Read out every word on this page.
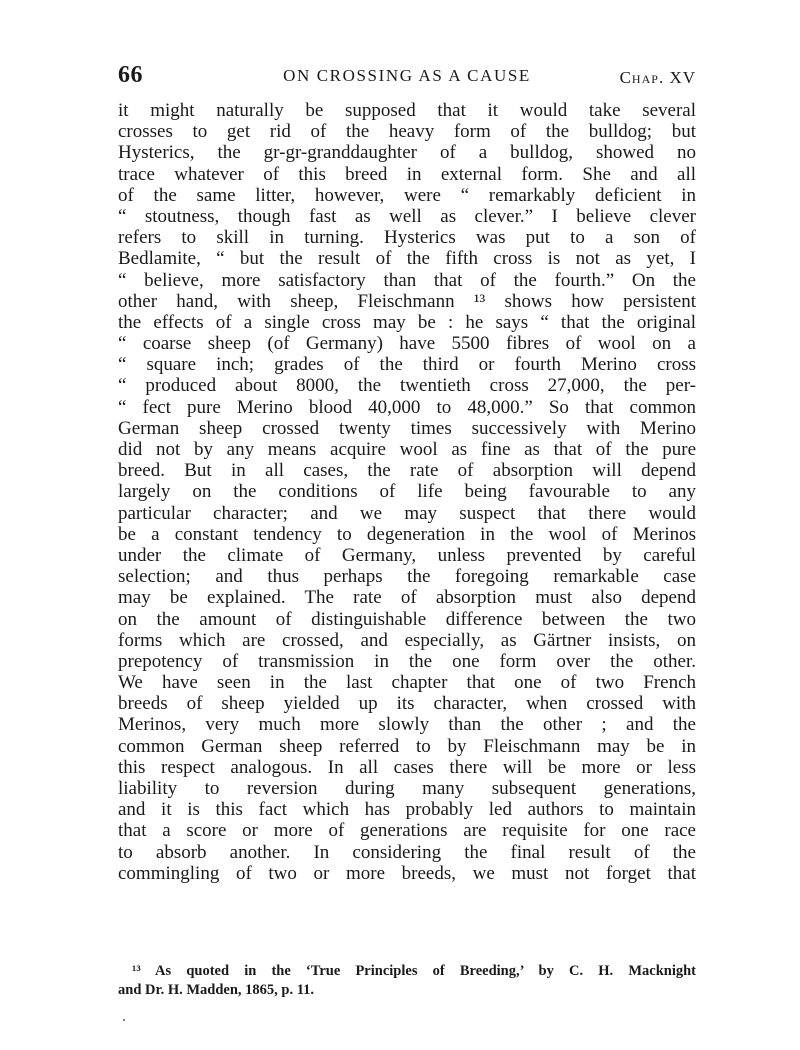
66	ON CROSSING AS A CAUSE	Chap. XV
it might naturally be supposed that it would take several
crosses to get rid of the heavy form of the bulldog; but
Hysterics, the gr-gr-granddaughter of a bulldog, showed no
trace whatever of this breed in external form. She and all
of the same litter, however, were “ remarkably deficient in
“ stoutness, though fast as well as clever.” I believe clever
refers to skill in turning. Hysterics was put to a son of
Bedlamite, “ but the result of the fifth cross is not as yet, I
“ believe, more satisfactory than that of the fourth.” On the
other hand, with sheep, Fleischmann ¹³ shows how persistent
the effects of a single cross may be : he says “ that the original
“ coarse sheep (of Germany) have 5500 fibres of wool on a
“ square inch; grades of the third or fourth Merino cross
“ produced about 8000, the twentieth cross 27,000, the per-
“ fect pure Merino blood 40,000 to 48,000.” So that common
German sheep crossed twenty times successively with Merino
did not by any means acquire wool as fine as that of the pure
breed. But in all cases, the rate of absorption will depend
largely on the conditions of life being favourable to any
particular character; and we may suspect that there would
be a constant tendency to degeneration in the wool of Merinos
under the climate of Germany, unless prevented by careful
selection; and thus perhaps the foregoing remarkable case
may be explained. The rate of absorption must also depend
on the amount of distinguishable difference between the two
forms which are crossed, and especially, as Gärtner insists, on
prepotency of transmission in the one form over the other.
We have seen in the last chapter that one of two French
breeds of sheep yielded up its character, when crossed with
Merinos, very much more slowly than the other ; and the
common German sheep referred to by Fleischmann may be in
this respect analogous. In all cases there will be more or less
liability to reversion during many subsequent generations,
and it is this fact which has probably led authors to maintain
that a score or more of generations are requisite for one race
to absorb another. In considering the final result of the
commingling of two or more breeds, we must not forget that
¹³ As quoted in the ‘True Principles of Breeding,’ by C. H. Macknight
and Dr. H. Madden, 1865, p. 11.
